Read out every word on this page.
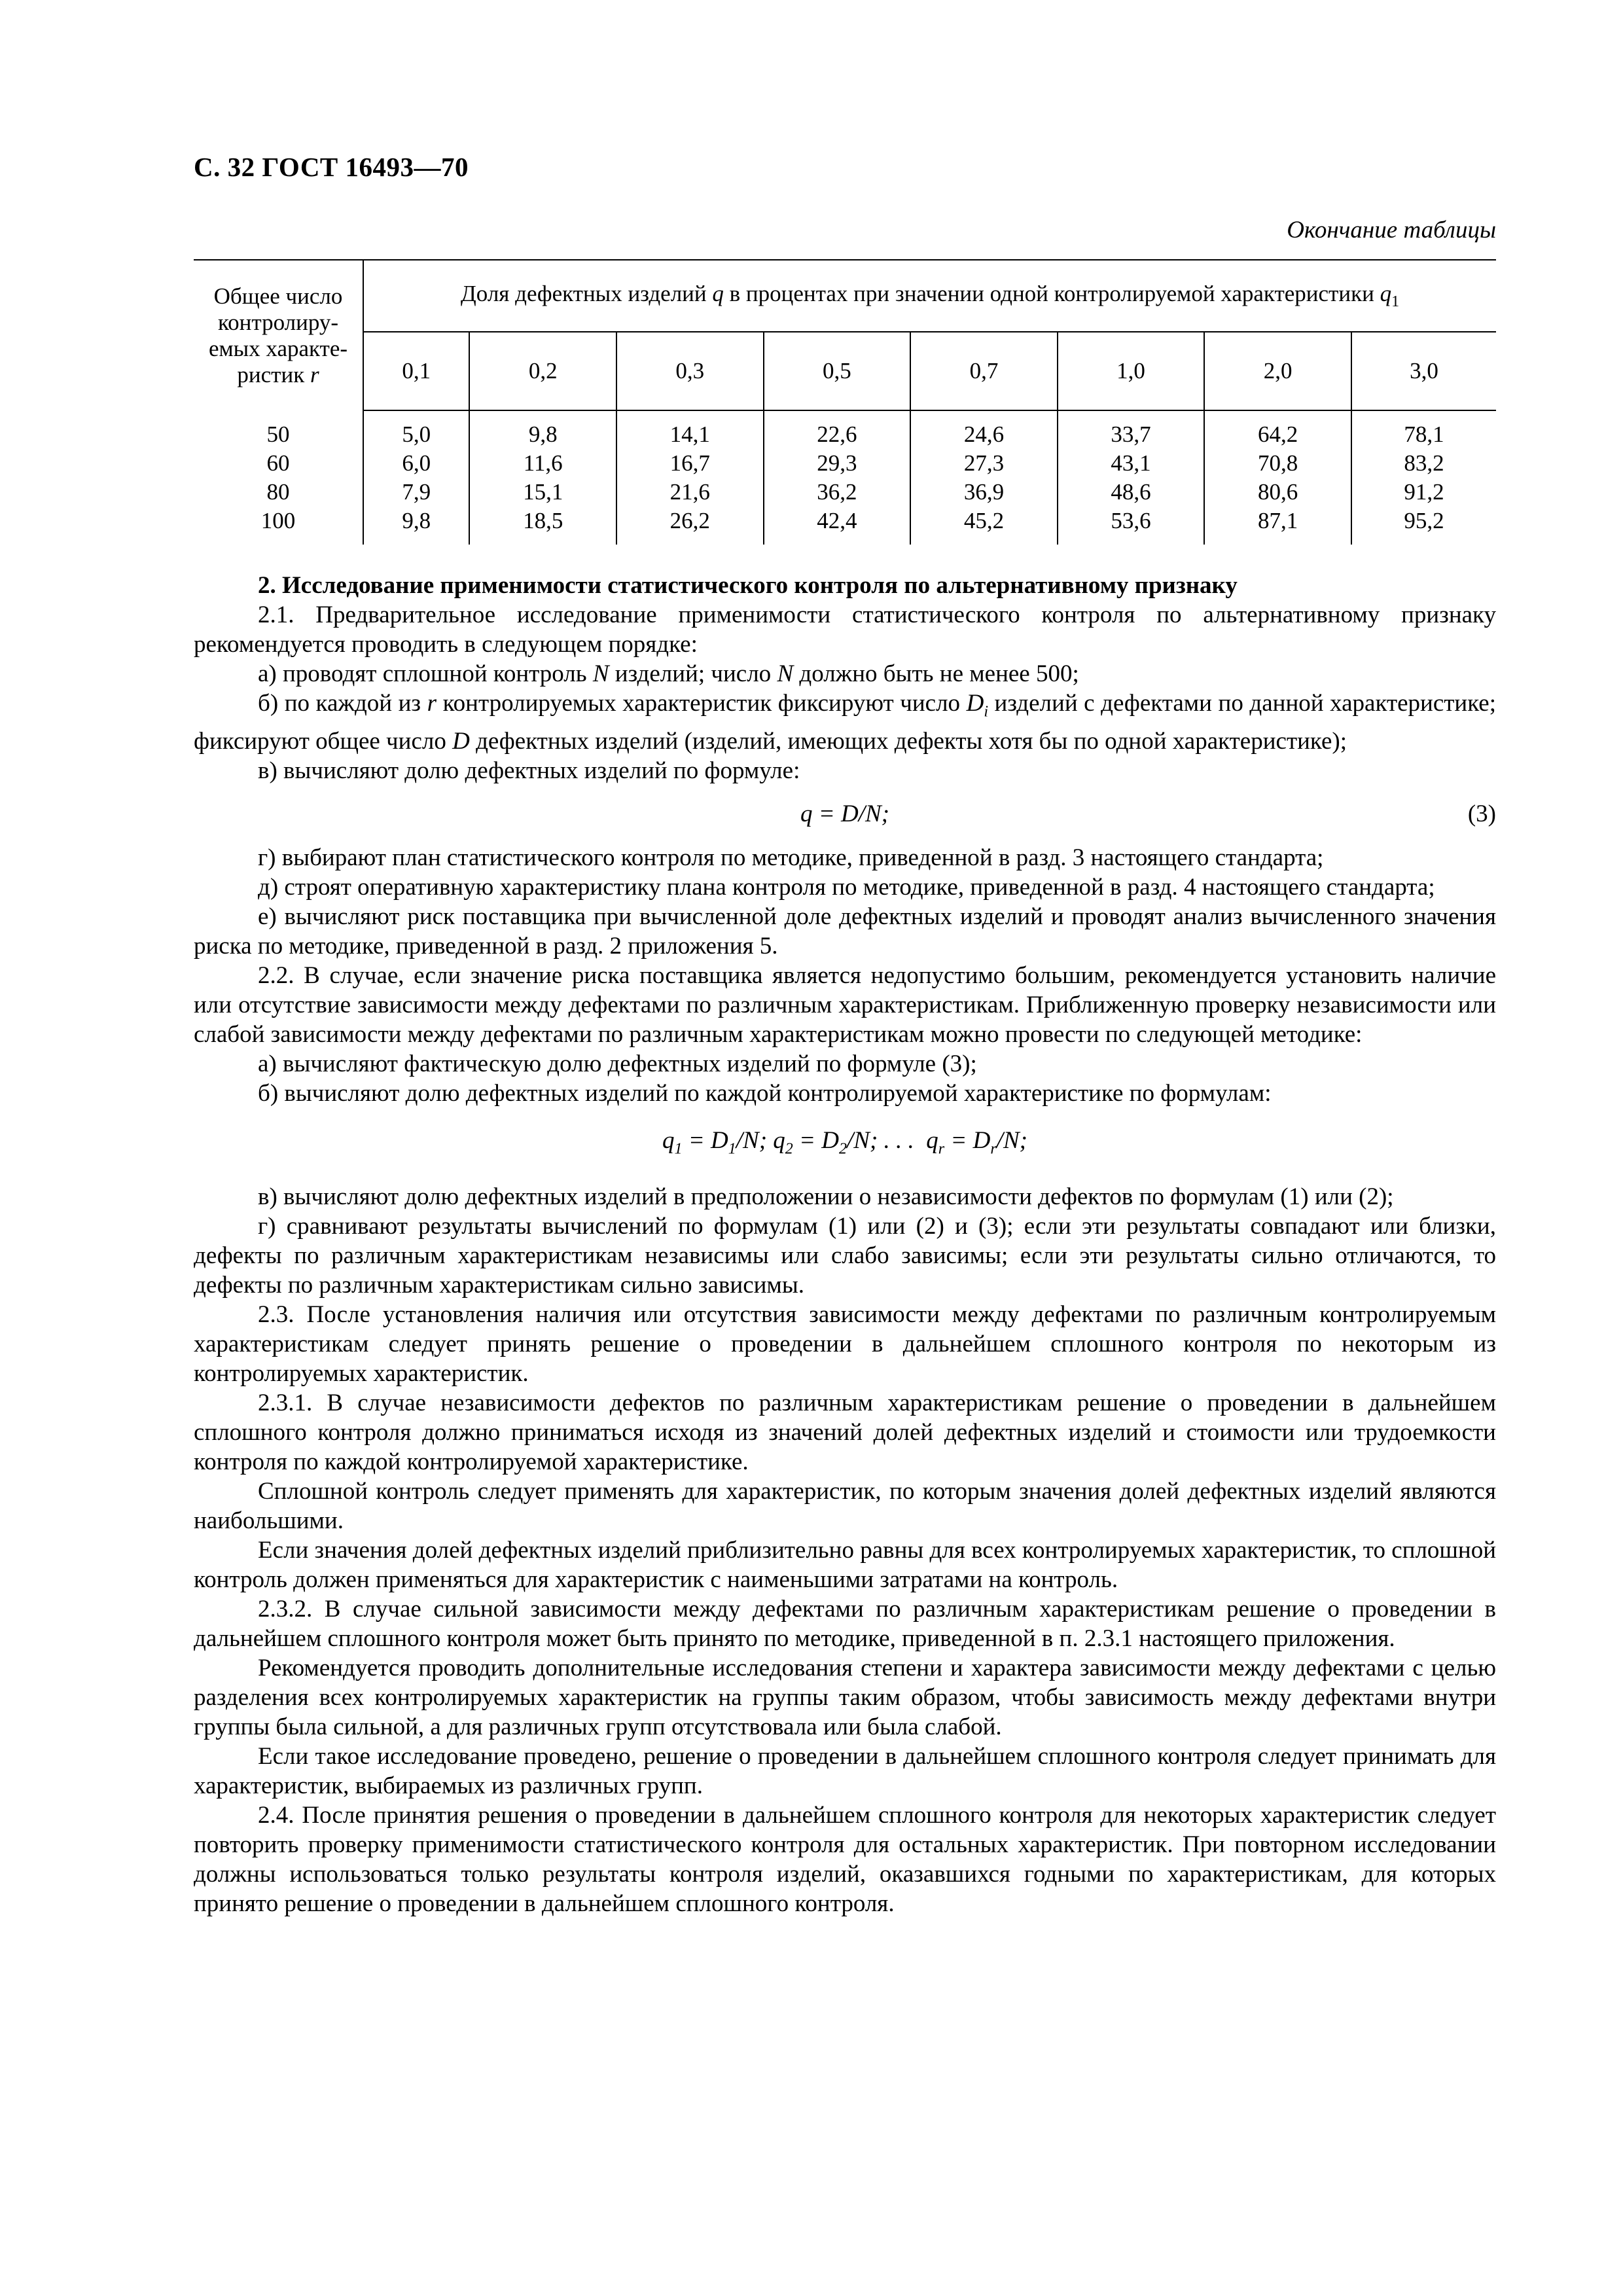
С. 32 ГОСТ 16493—70
Окончание таблицы
Общее число
контролиру-
емых характе-
ристик r	Доля дефектных изделий q в процентах при значении одной контролируемой характеристики $q_1$
	0,1	0,2	0,3	0,5	0,7	1,0	2,0	3,0
50	5,0	9,8	14,1	22,6	24,6	33,7	64,2	78,1
60	6,0	11,6	16,7	29,3	27,3	43,1	70,8	83,2
80	7,9	15,1	21,6	36,2	36,9	48,6	80,6	91,2
100	9,8	18,5	26,2	42,4	45,2	53,6	87,1	95,2

2. Исследование применимости статистического контроля по альтернативному признаку

2.1. Предварительное исследование применимости статистического контроля по альтернативному признаку рекомендуется проводить в следующем порядке:

а) проводят сплошной контроль N изделий; число N должно быть не менее 500;

б) по каждой из r контролируемых характеристик фиксируют число $D_i$ изделий с дефектами по данной характеристике; фиксируют общее число D дефектных изделий (изделий, имеющих дефекты хотя бы по одной характеристике);

в) вычисляют долю дефектных изделий по формуле:

q = D/N;	(3)

г) выбирают план статистического контроля по методике, приведенной в разд. 3 настоящего стандарта;

д) строят оперативную характеристику плана контроля по методике, приведенной в разд. 4 настоящего стандарта;

е) вычисляют риск поставщика при вычисленной доле дефектных изделий и проводят анализ вычисленного значения риска по методике, приведенной в разд. 2 приложения 5.

2.2. В случае, если значение риска поставщика является недопустимо большим, рекомендуется установить наличие или отсутствие зависимости между дефектами по различным характеристикам. Приближенную проверку независимости или слабой зависимости между дефектами по различным характеристикам можно провести по следующей методике:

а) вычисляют фактическую долю дефектных изделий по формуле (3);

б) вычисляют долю дефектных изделий по каждой контролируемой характеристике по формулам:

$q_1 = D_1/N$; $q_2 = D_2/N$; . . .  $q_r = D_r/N$;

в) вычисляют долю дефектных изделий в предположении о независимости дефектов по формулам (1) или (2);

г) сравнивают результаты вычислений по формулам (1) или (2) и (3); если эти результаты совпадают или близки, дефекты по различным характеристикам независимы или слабо зависимы; если эти результаты сильно отличаются, то дефекты по различным характеристикам сильно зависимы.

2.3. После установления наличия или отсутствия зависимости между дефектами по различным контролируемым характеристикам следует принять решение о проведении в дальнейшем сплошного контроля по некоторым из контролируемых характеристик.

2.3.1. В случае независимости дефектов по различным характеристикам решение о проведении в дальнейшем сплошного контроля должно приниматься исходя из значений долей дефектных изделий и стоимости или трудоемкости контроля по каждой контролируемой характеристике.

Сплошной контроль следует применять для характеристик, по которым значения долей дефектных изделий являются наибольшими.

Если значения долей дефектных изделий приблизительно равны для всех контролируемых характеристик, то сплошной контроль должен применяться для характеристик с наименьшими затратами на контроль.

2.3.2. В случае сильной зависимости между дефектами по различным характеристикам решение о проведении в дальнейшем сплошного контроля может быть принято по методике, приведенной в п. 2.3.1 настоящего приложения.

Рекомендуется проводить дополнительные исследования степени и характера зависимости между дефектами с целью разделения всех контролируемых характеристик на группы таким образом, чтобы зависимость между дефектами внутри группы была сильной, а для различных групп отсутствовала или была слабой.

Если такое исследование проведено, решение о проведении в дальнейшем сплошного контроля следует принимать для характеристик, выбираемых из различных групп.

2.4. После принятия решения о проведении в дальнейшем сплошного контроля для некоторых характеристик следует повторить проверку применимости статистического контроля для остальных характеристик. При повторном исследовании должны использоваться только результаты контроля изделий, оказавшихся годными по характеристикам, для которых принято решение о проведении в дальнейшем сплошного контроля.
